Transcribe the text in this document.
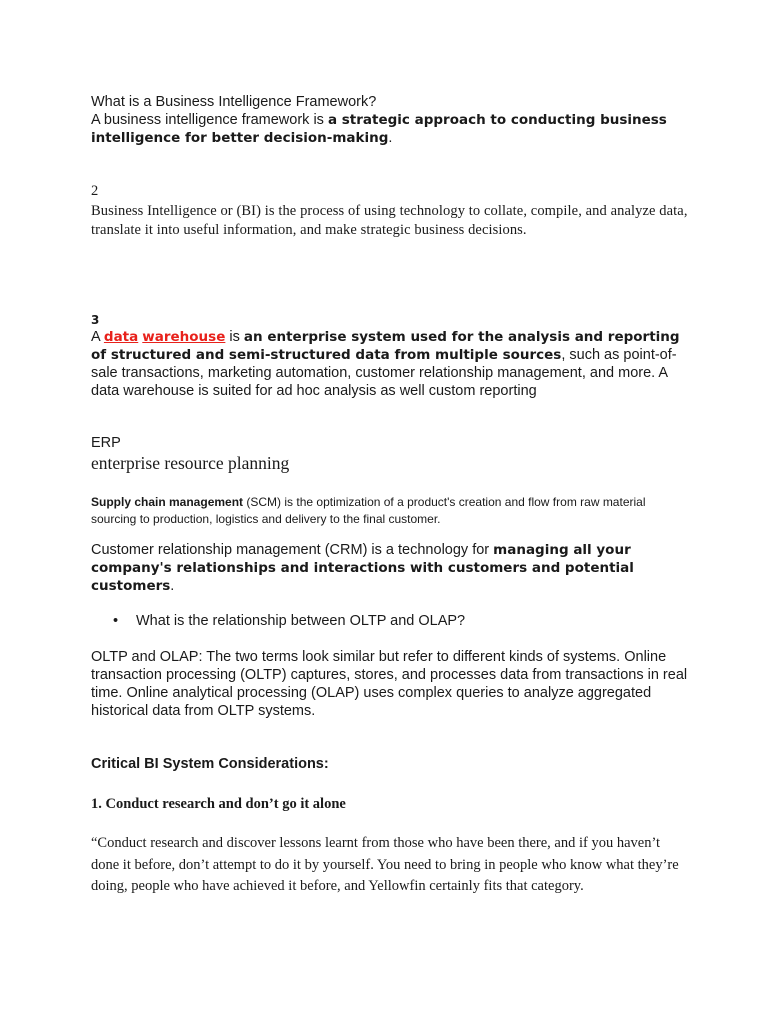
What is a Business Intelligence Framework?

A business intelligence framework is a strategic approach to conducting business intelligence for better decision-making.

2

Business Intelligence or (BI) is the process of using technology to collate, compile, and analyze data, translate it into useful information, and make strategic business decisions.

3

A data warehouse is an enterprise system used for the analysis and reporting of structured and semi-structured data from multiple sources, such as point-of-sale transactions, marketing automation, customer relationship management, and more. A data warehouse is suited for ad hoc analysis as well custom reporting

ERP

enterprise resource planning

Supply chain management (SCM) is the optimization of a product's creation and flow from raw material sourcing to production, logistics and delivery to the final customer.

Customer relationship management (CRM) is a technology for managing all your company's relationships and interactions with customers and potential customers.

• What is the relationship between OLTP and OLAP?

OLTP and OLAP: The two terms look similar but refer to different kinds of systems. Online transaction processing (OLTP) captures, stores, and processes data from transactions in real time. Online analytical processing (OLAP) uses complex queries to analyze aggregated historical data from OLTP systems.

Critical BI System Considerations:

1. Conduct research and don’t go it alone

“Conduct research and discover lessons learnt from those who have been there, and if you haven’t done it before, don’t attempt to do it by yourself. You need to bring in people who know what they’re doing, people who have achieved it before, and Yellowfin certainly fits that category.
